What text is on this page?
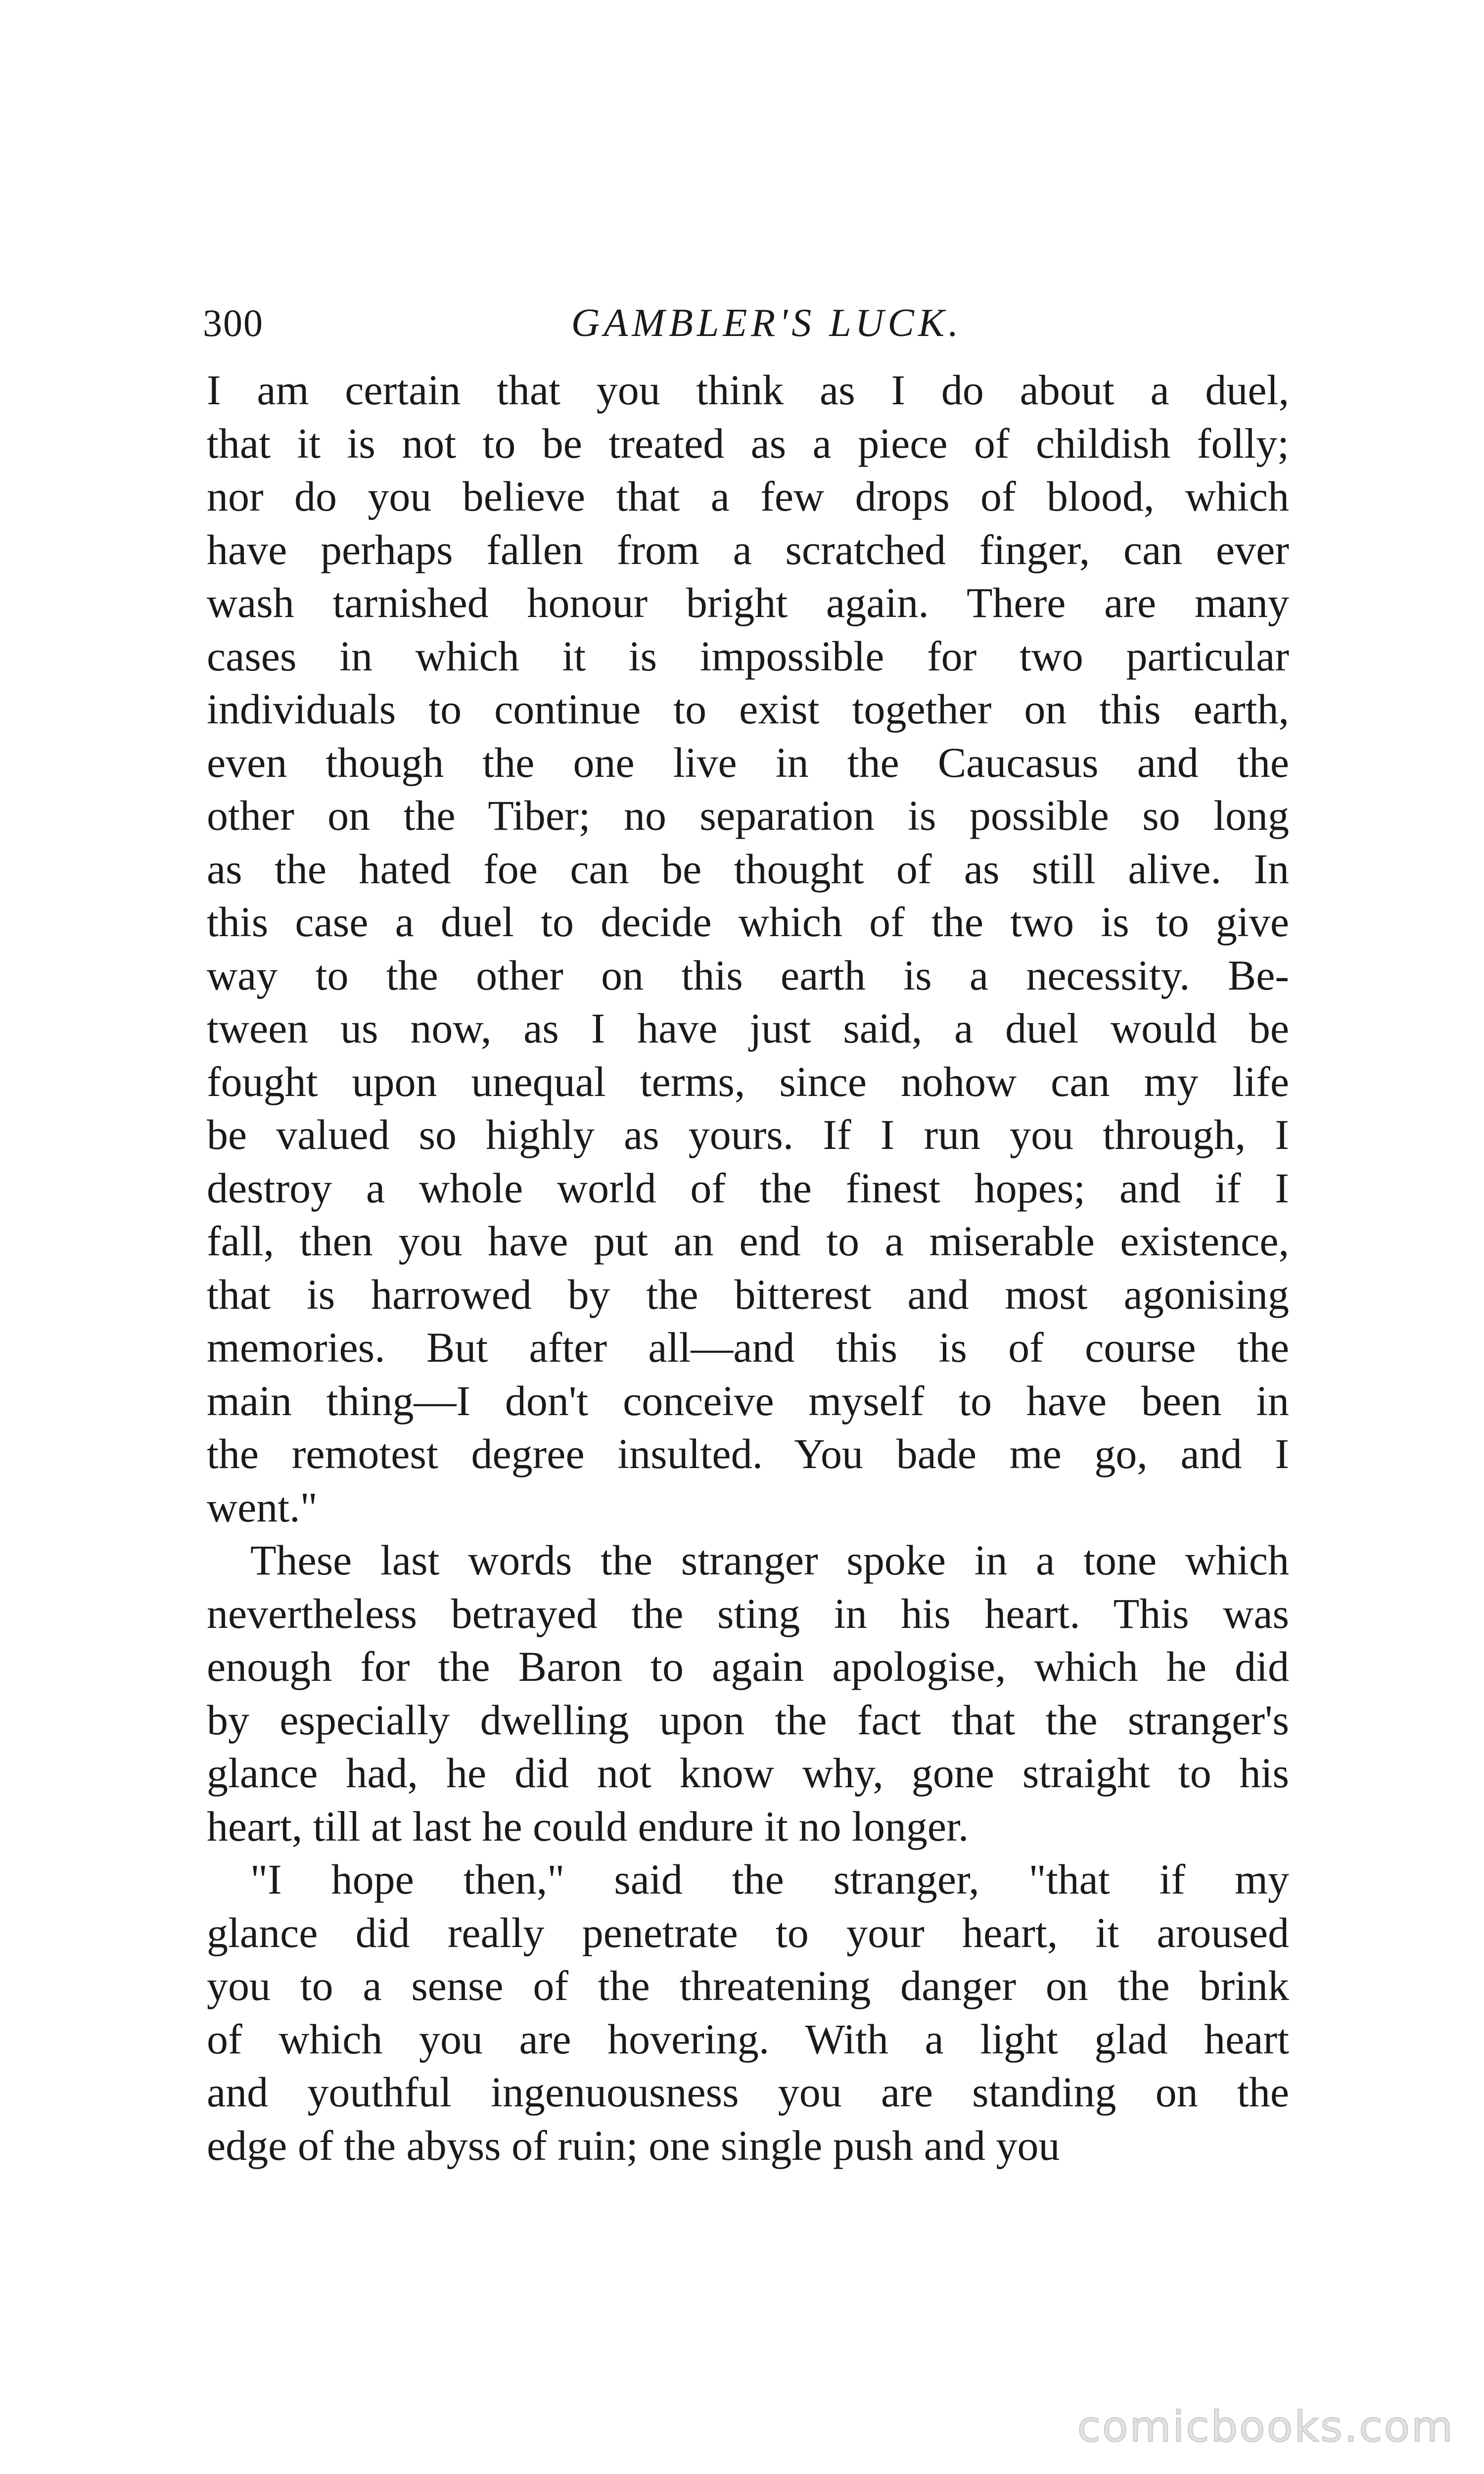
300	GAMBLER'S LUCK.
I am certain that you think as I do about a duel,
that it is not to be treated as a piece of childish folly;
nor do you believe that a few drops of blood, which
have perhaps fallen from a scratched finger, can ever
wash tarnished honour bright again. There are many
cases in which it is impossible for two particular
individuals to continue to exist together on this earth,
even though the one live in the Caucasus and the
other on the Tiber; no separation is possible so long
as the hated foe can be thought of as still alive. In
this case a duel to decide which of the two is to give
way to the other on this earth is a necessity. Be-
tween us now, as I have just said, a duel would be
fought upon unequal terms, since nohow can my life
be valued so highly as yours. If I run you through, I
destroy a whole world of the finest hopes; and if I
fall, then you have put an end to a miserable existence,
that is harrowed by the bitterest and most agonising
memories. But after all—and this is of course the
main thing—I don't conceive myself to have been in
the remotest degree insulted. You bade me go, and I
went."
These last words the stranger spoke in a tone which
nevertheless betrayed the sting in his heart. This was
enough for the Baron to again apologise, which he did
by especially dwelling upon the fact that the stranger's
glance had, he did not know why, gone straight to his
heart, till at last he could endure it no longer.
"I hope then," said the stranger, "that if my
glance did really penetrate to your heart, it aroused
you to a sense of the threatening danger on the brink
of which you are hovering. With a light glad heart
and youthful ingenuousness you are standing on the
edge of the abyss of ruin; one single push and you
comicbooks.com
